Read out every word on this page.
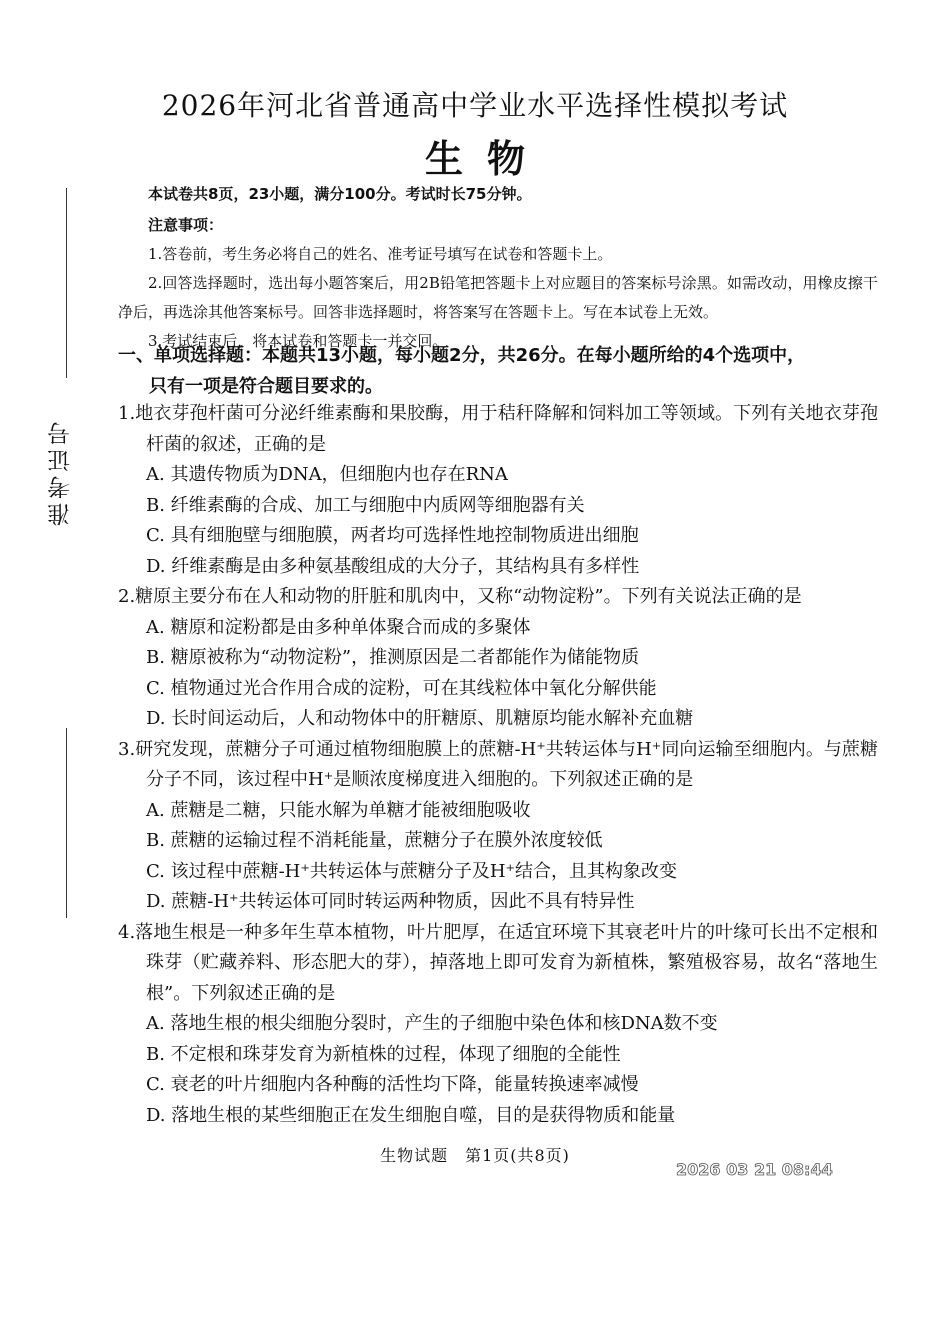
准考证号
2026年河北省普通高中学业水平选择性模拟考试
生物
本试卷共8页，23小题，满分100分。考试时长75分钟。
注意事项：
1.答卷前，考生务必将自己的姓名、准考证号填写在试卷和答题卡上。
2.回答选择题时，选出每小题答案后，用2B铅笔把答题卡上对应题目的答案标号涂黑。如需改动，用橡皮擦干净后，再选涂其他答案标号。回答非选择题时，将答案写在答题卡上。写在本试卷上无效。
3.考试结束后，将本试卷和答题卡一并交回。
一、单项选择题：本题共13小题，每小题2分，共26分。在每小题所给的4个选项中，
只有一项是符合题目要求的。
1.地衣芽孢杆菌可分泌纤维素酶和果胶酶，用于秸秆降解和饲料加工等领域。下列有关地衣芽孢杆菌的叙述，正确的是
A. 其遗传物质为DNA，但细胞内也存在RNA
B. 纤维素酶的合成、加工与细胞中内质网等细胞器有关
C. 具有细胞壁与细胞膜，两者均可选择性地控制物质进出细胞
D. 纤维素酶是由多种氨基酸组成的大分子，其结构具有多样性
2.糖原主要分布在人和动物的肝脏和肌肉中，又称“动物淀粉”。下列有关说法正确的是
A. 糖原和淀粉都是由多种单体聚合而成的多聚体
B. 糖原被称为“动物淀粉”，推测原因是二者都能作为储能物质
C. 植物通过光合作用合成的淀粉，可在其线粒体中氧化分解供能
D. 长时间运动后，人和动物体中的肝糖原、肌糖原均能水解补充血糖
3.研究发现，蔗糖分子可通过植物细胞膜上的蔗糖-H⁺共转运体与H⁺同向运输至细胞内。与蔗糖分子不同，该过程中H⁺是顺浓度梯度进入细胞的。下列叙述正确的是
A. 蔗糖是二糖，只能水解为单糖才能被细胞吸收
B. 蔗糖的运输过程不消耗能量，蔗糖分子在膜外浓度较低
C. 该过程中蔗糖-H⁺共转运体与蔗糖分子及H⁺结合，且其构象改变
D. 蔗糖-H⁺共转运体可同时转运两种物质，因此不具有特异性
4.落地生根是一种多年生草本植物，叶片肥厚，在适宜环境下其衰老叶片的叶缘可长出不定根和珠芽（贮藏养料、形态肥大的芽），掉落地上即可发育为新植株，繁殖极容易，故名“落地生根”。下列叙述正确的是
A. 落地生根的根尖细胞分裂时，产生的子细胞中染色体和核DNA数不变
B. 不定根和珠芽发育为新植株的过程，体现了细胞的全能性
C. 衰老的叶片细胞内各种酶的活性均下降，能量转换速率减慢
D. 落地生根的某些细胞正在发生细胞自噬，目的是获得物质和能量
生物试题　第1页(共8页)
2026 03 21 08:44
